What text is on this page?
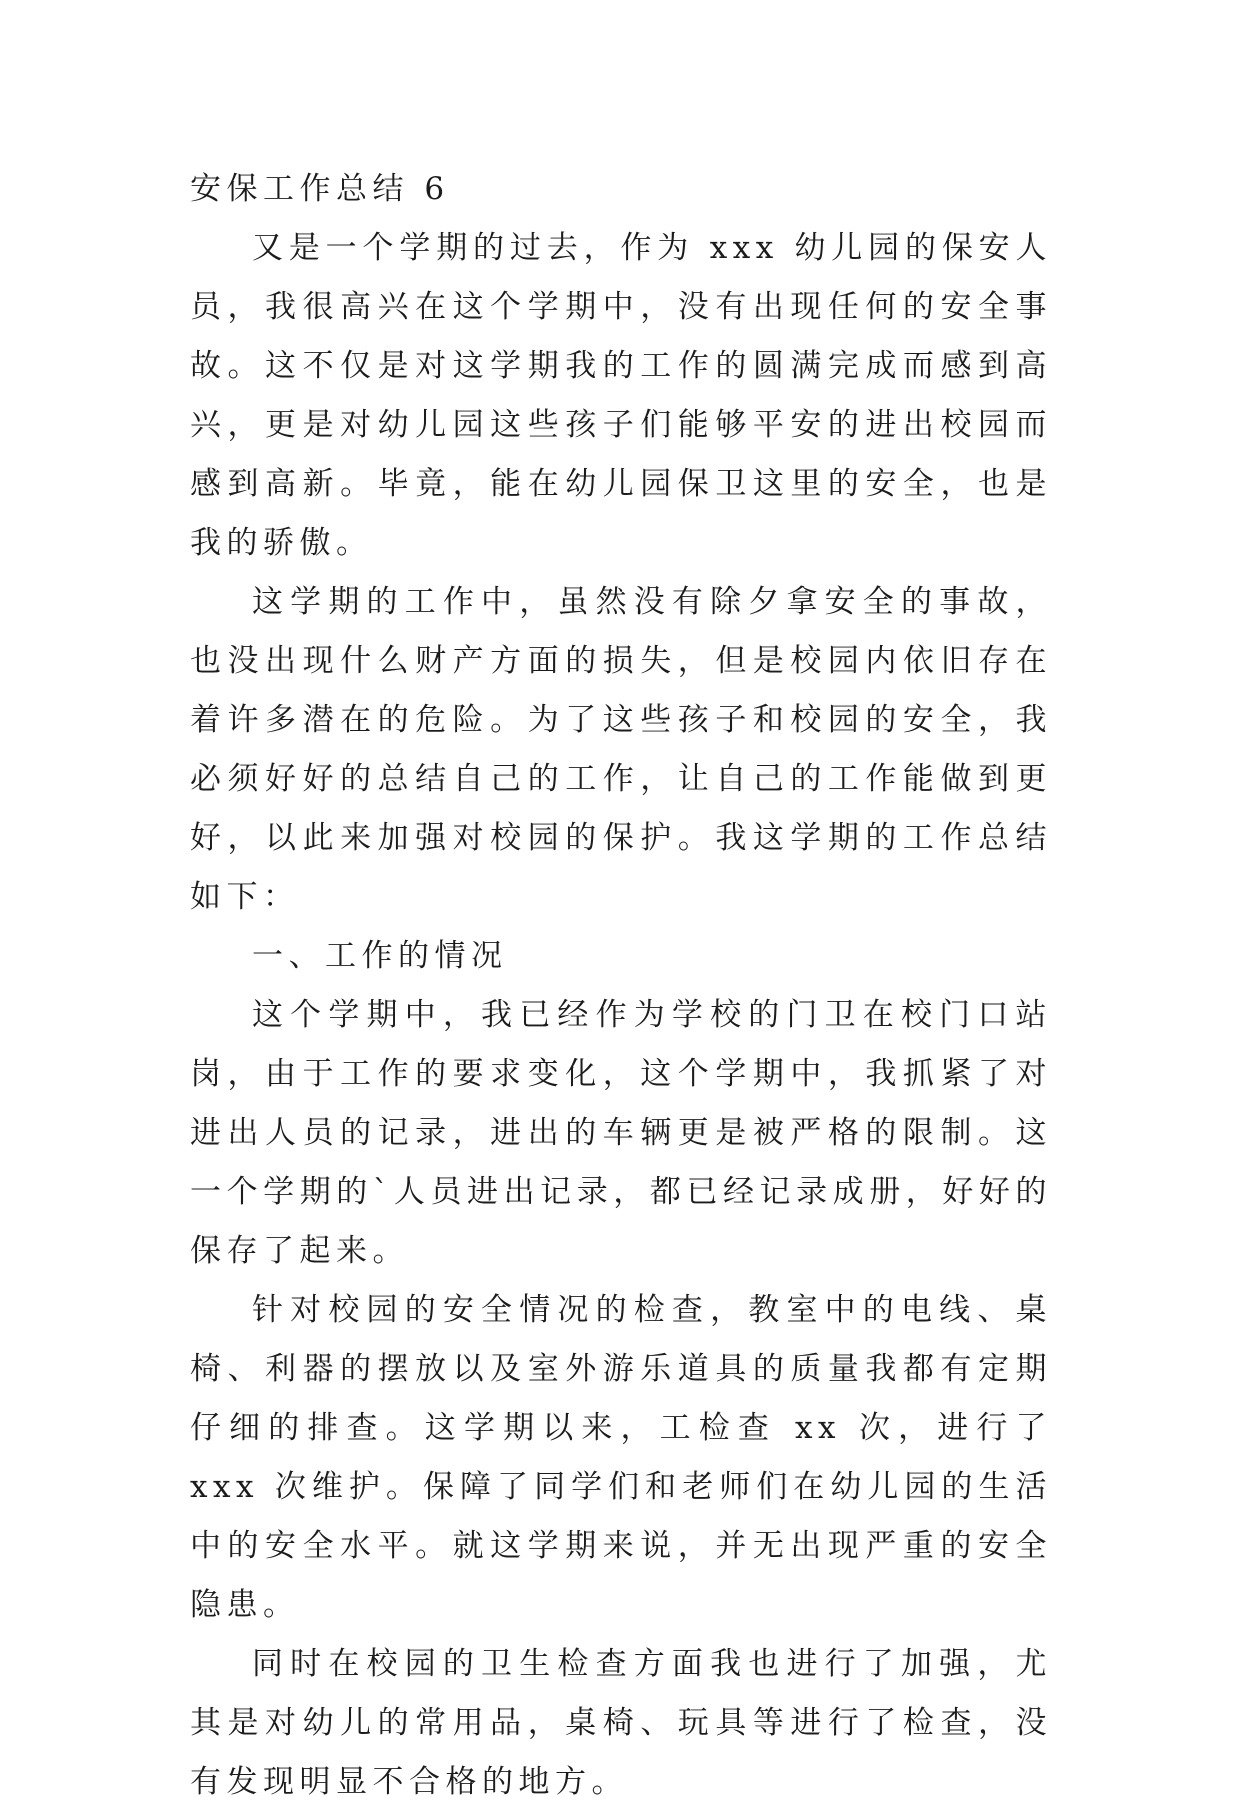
安保工作总结 6

又是一个学期的过去，作为 xxx 幼儿园的保安人员，我很高兴在这个学期中，没有出现任何的安全事故。这不仅是对这学期我的工作的圆满完成而感到高兴，更是对幼儿园这些孩子们能够平安的进出校园而感到高新。毕竟，能在幼儿园保卫这里的安全，也是我的骄傲。

这学期的工作中，虽然没有除夕拿安全的事故，也没出现什么财产方面的损失，但是校园内依旧存在着许多潜在的危险。为了这些孩子和校园的安全，我必须好好的总结自己的工作，让自己的工作能做到更好，以此来加强对校园的保护。我这学期的工作总结如下：

一、工作的情况

这个学期中，我已经作为学校的门卫在校门口站岗，由于工作的要求变化，这个学期中，我抓紧了对进出人员的记录，进出的车辆更是被严格的限制。这一个学期的`人员进出记录，都已经记录成册，好好的保存了起来。

针对校园的安全情况的检查，教室中的电线、桌椅、利器的摆放以及室外游乐道具的质量我都有定期仔细的排查。这学期以来，工检查 xx 次，进行了 xxx 次维护。保障了同学们和老师们在幼儿园的生活中的安全水平。就这学期来说，并无出现严重的安全隐患。

同时在校园的卫生检查方面我也进行了加强，尤其是对幼儿的常用品，桌椅、玩具等进行了检查，没有发现明显不合格的地方。
